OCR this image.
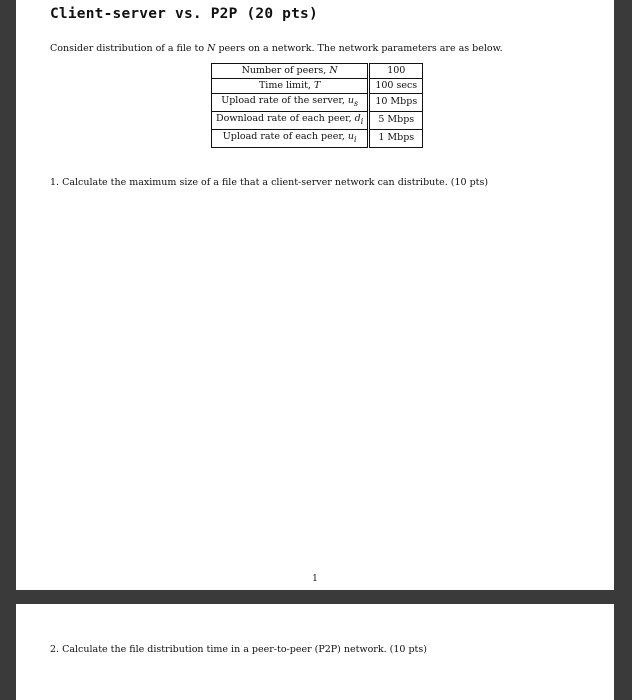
Client-server vs. P2P (20 pts)

Consider distribution of a file to N peers on a network. The network parameters are as below.

Number of peers, N	100
Time limit, T	100 secs
Upload rate of the server, $u_s$	10 Mbps
Download rate of each peer, $d_i$	5 Mbps
Upload rate of each peer, $u_i$	1 Mbps

1. Calculate the maximum size of a file that a client-server network can distribute. (10 pts)

1

2. Calculate the file distribution time in a peer-to-peer (P2P) network. (10 pts)
